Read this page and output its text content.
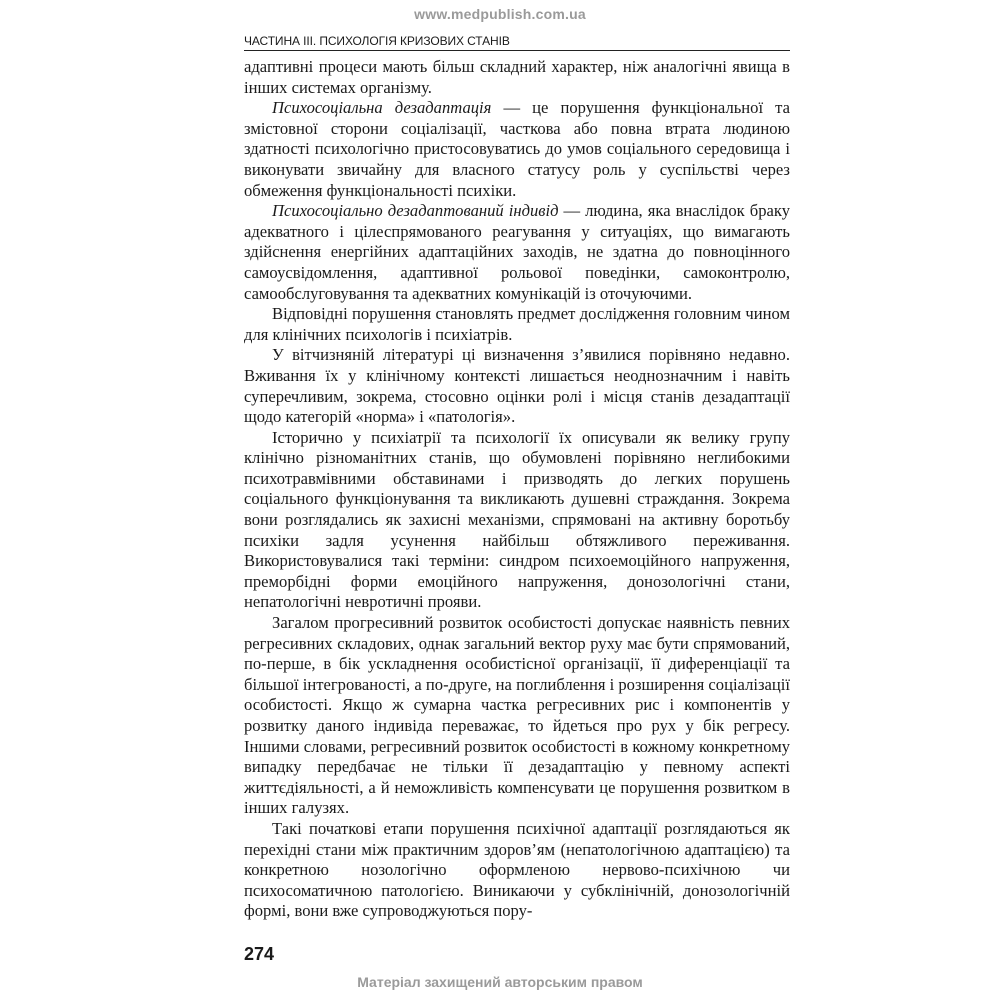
www.medpublish.com.ua
ЧАСТИНА ІІІ. ПСИХОЛОГІЯ КРИЗОВИХ СТАНІВ

адаптивні процеси мають більш складний характер, ніж аналогічні явища в інших системах організму.

Психосоціальна дезадаптація — це порушення функціональної та змістовної сторони соціалізації, часткова або повна втрата людиною здатності психологічно пристосовуватись до умов соціального середовища і виконувати звичайну для власного статусу роль у суспільстві через обмеження функціональності психіки.

Психосоціально дезадаптований індивід — людина, яка внаслідок браку адекватного і цілеспрямованого реагування у ситуаціях, що вимагають здійснення енергійних адаптаційних заходів, не здатна до повноцінного самоусвідомлення, адаптивної рольової поведінки, самоконтролю, самообслуговування та адекватних комунікацій із оточуючими.

Відповідні порушення становлять предмет дослідження головним чином для клінічних психологів і психіатрів.

У вітчизняній літературі ці визначення з’явилися порівняно недавно. Вживання їх у клінічному контексті лишається неоднозначним і навіть суперечливим, зокрема, стосовно оцінки ролі і місця станів дезадаптації щодо категорій «норма» і «патологія».

Історично у психіатрії та психології їх описували як велику групу клінічно різноманітних станів, що обумовлені порівняно неглибокими психотравмівними обставинами і призводять до легких порушень соціального функціонування та викликають душевні страждання. Зокрема вони розглядались як захисні механізми, спрямовані на активну боротьбу психіки задля усунення найбільш обтяжливого переживання. Використовувалися такі терміни: синдром психоемоційного напруження, преморбідні форми емоційного напруження, донозологічні стани, непатологічні невротичні прояви.

Загалом прогресивний розвиток особистості допускає наявність певних регресивних складових, однак загальний вектор руху має бути спрямований, по-перше, в бік ускладнення особистісної організації, її диференціації та більшої інтегрованості, а по-друге, на поглиблення і розширення соціалізації особистості. Якщо ж сумарна частка регресивних рис і компонентів у розвитку даного індивіда переважає, то йдеться про рух у бік регресу. Іншими словами, регресивний розвиток особистості в кожному конкретному випадку передбачає не тільки її дезадаптацію у певному аспекті життєдіяльності, а й неможливість компенсувати це порушення розвитком в інших галузях.

Такі початкові етапи порушення психічної адаптації розглядаються як перехідні стани між практичним здоров’ям (непатологічною адаптацією) та конкретною нозологічно оформленою нервово-психічною чи психосоматичною патологією. Виникаючи у субклінічній, донозологічній формі, вони вже супроводжуються пору-

274
Матеріал захищений авторським правом
